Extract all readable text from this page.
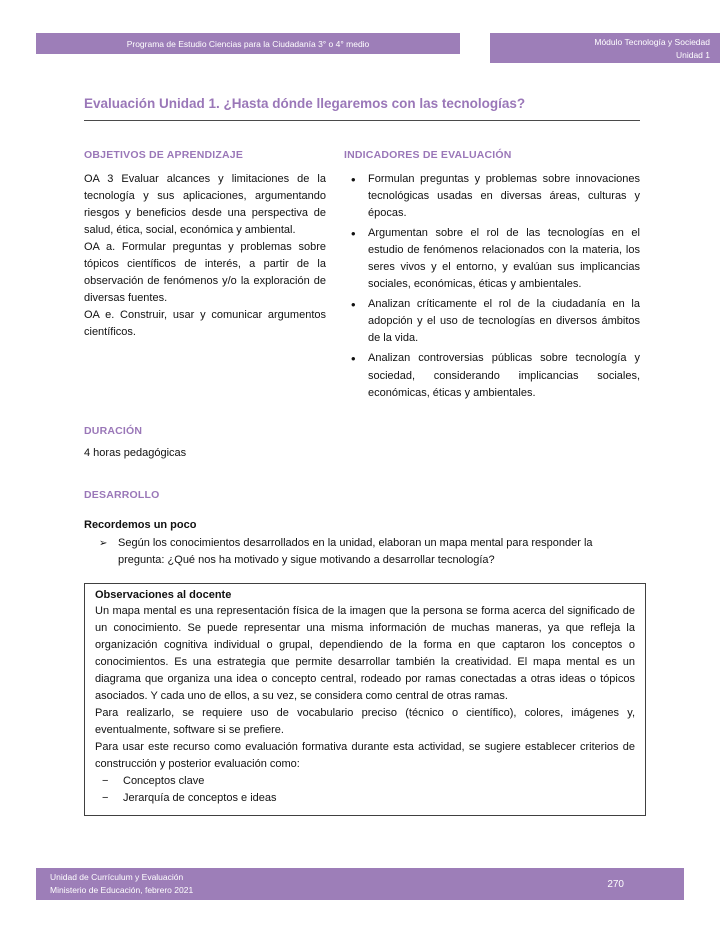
Programa de Estudio Ciencias para la Ciudadanía 3° o 4° medio	Módulo Tecnología y Sociedad
Unidad 1
Evaluación Unidad 1. ¿Hasta dónde llegaremos con las tecnologías?
OBJETIVOS DE APRENDIZAJE

OA 3 Evaluar alcances y limitaciones de la tecnología y sus aplicaciones, argumentando riesgos y beneficios desde una perspectiva de salud, ética, social, económica y ambiental.

OA a. Formular preguntas y problemas sobre tópicos científicos de interés, a partir de la observación de fenómenos y/o la exploración de diversas fuentes.

OA e. Construir, usar y comunicar argumentos científicos.

INDICADORES DE EVALUACIÓN
• Formulan preguntas y problemas sobre innovaciones tecnológicas usadas en diversas áreas, culturas y épocas.
• Argumentan sobre el rol de las tecnologías en el estudio de fenómenos relacionados con la materia, los seres vivos y el entorno, y evalúan sus implicancias sociales, económicas, éticas y ambientales.
• Analizan críticamente el rol de la ciudadanía en la adopción y el uso de tecnologías en diversos ámbitos de la vida.
• Analizan controversias públicas sobre tecnología y sociedad, considerando implicancias sociales, económicas, éticas y ambientales.
DURACIÓN

4 horas pedagógicas

DESARROLLO

Recordemos un poco

➢ Según los conocimientos desarrollados en la unidad, elaboran un mapa mental para responder la pregunta: ¿Qué nos ha motivado y sigue motivando a desarrollar tecnología?
Observaciones al docente

Un mapa mental es una representación física de la imagen que la persona se forma acerca del significado de un conocimiento. Se puede representar una misma información de muchas maneras, ya que refleja la organización cognitiva individual o grupal, dependiendo de la forma en que captaron los conceptos o conocimientos. Es una estrategia que permite desarrollar también la creatividad. El mapa mental es un diagrama que organiza una idea o concepto central, rodeado por ramas conectadas a otras ideas o tópicos asociados. Y cada uno de ellos, a su vez, se considera como central de otras ramas.

Para realizarlo, se requiere uso de vocabulario preciso (técnico o científico), colores, imágenes y, eventualmente, software si se prefiere.

Para usar este recurso como evaluación formativa durante esta actividad, se sugiere establecer criterios de construcción y posterior evaluación como:

− Conceptos clave
− Jerarquía de conceptos e ideas
Unidad de Currículum y Evaluación
Ministerio de Educación, febrero 2021
270
